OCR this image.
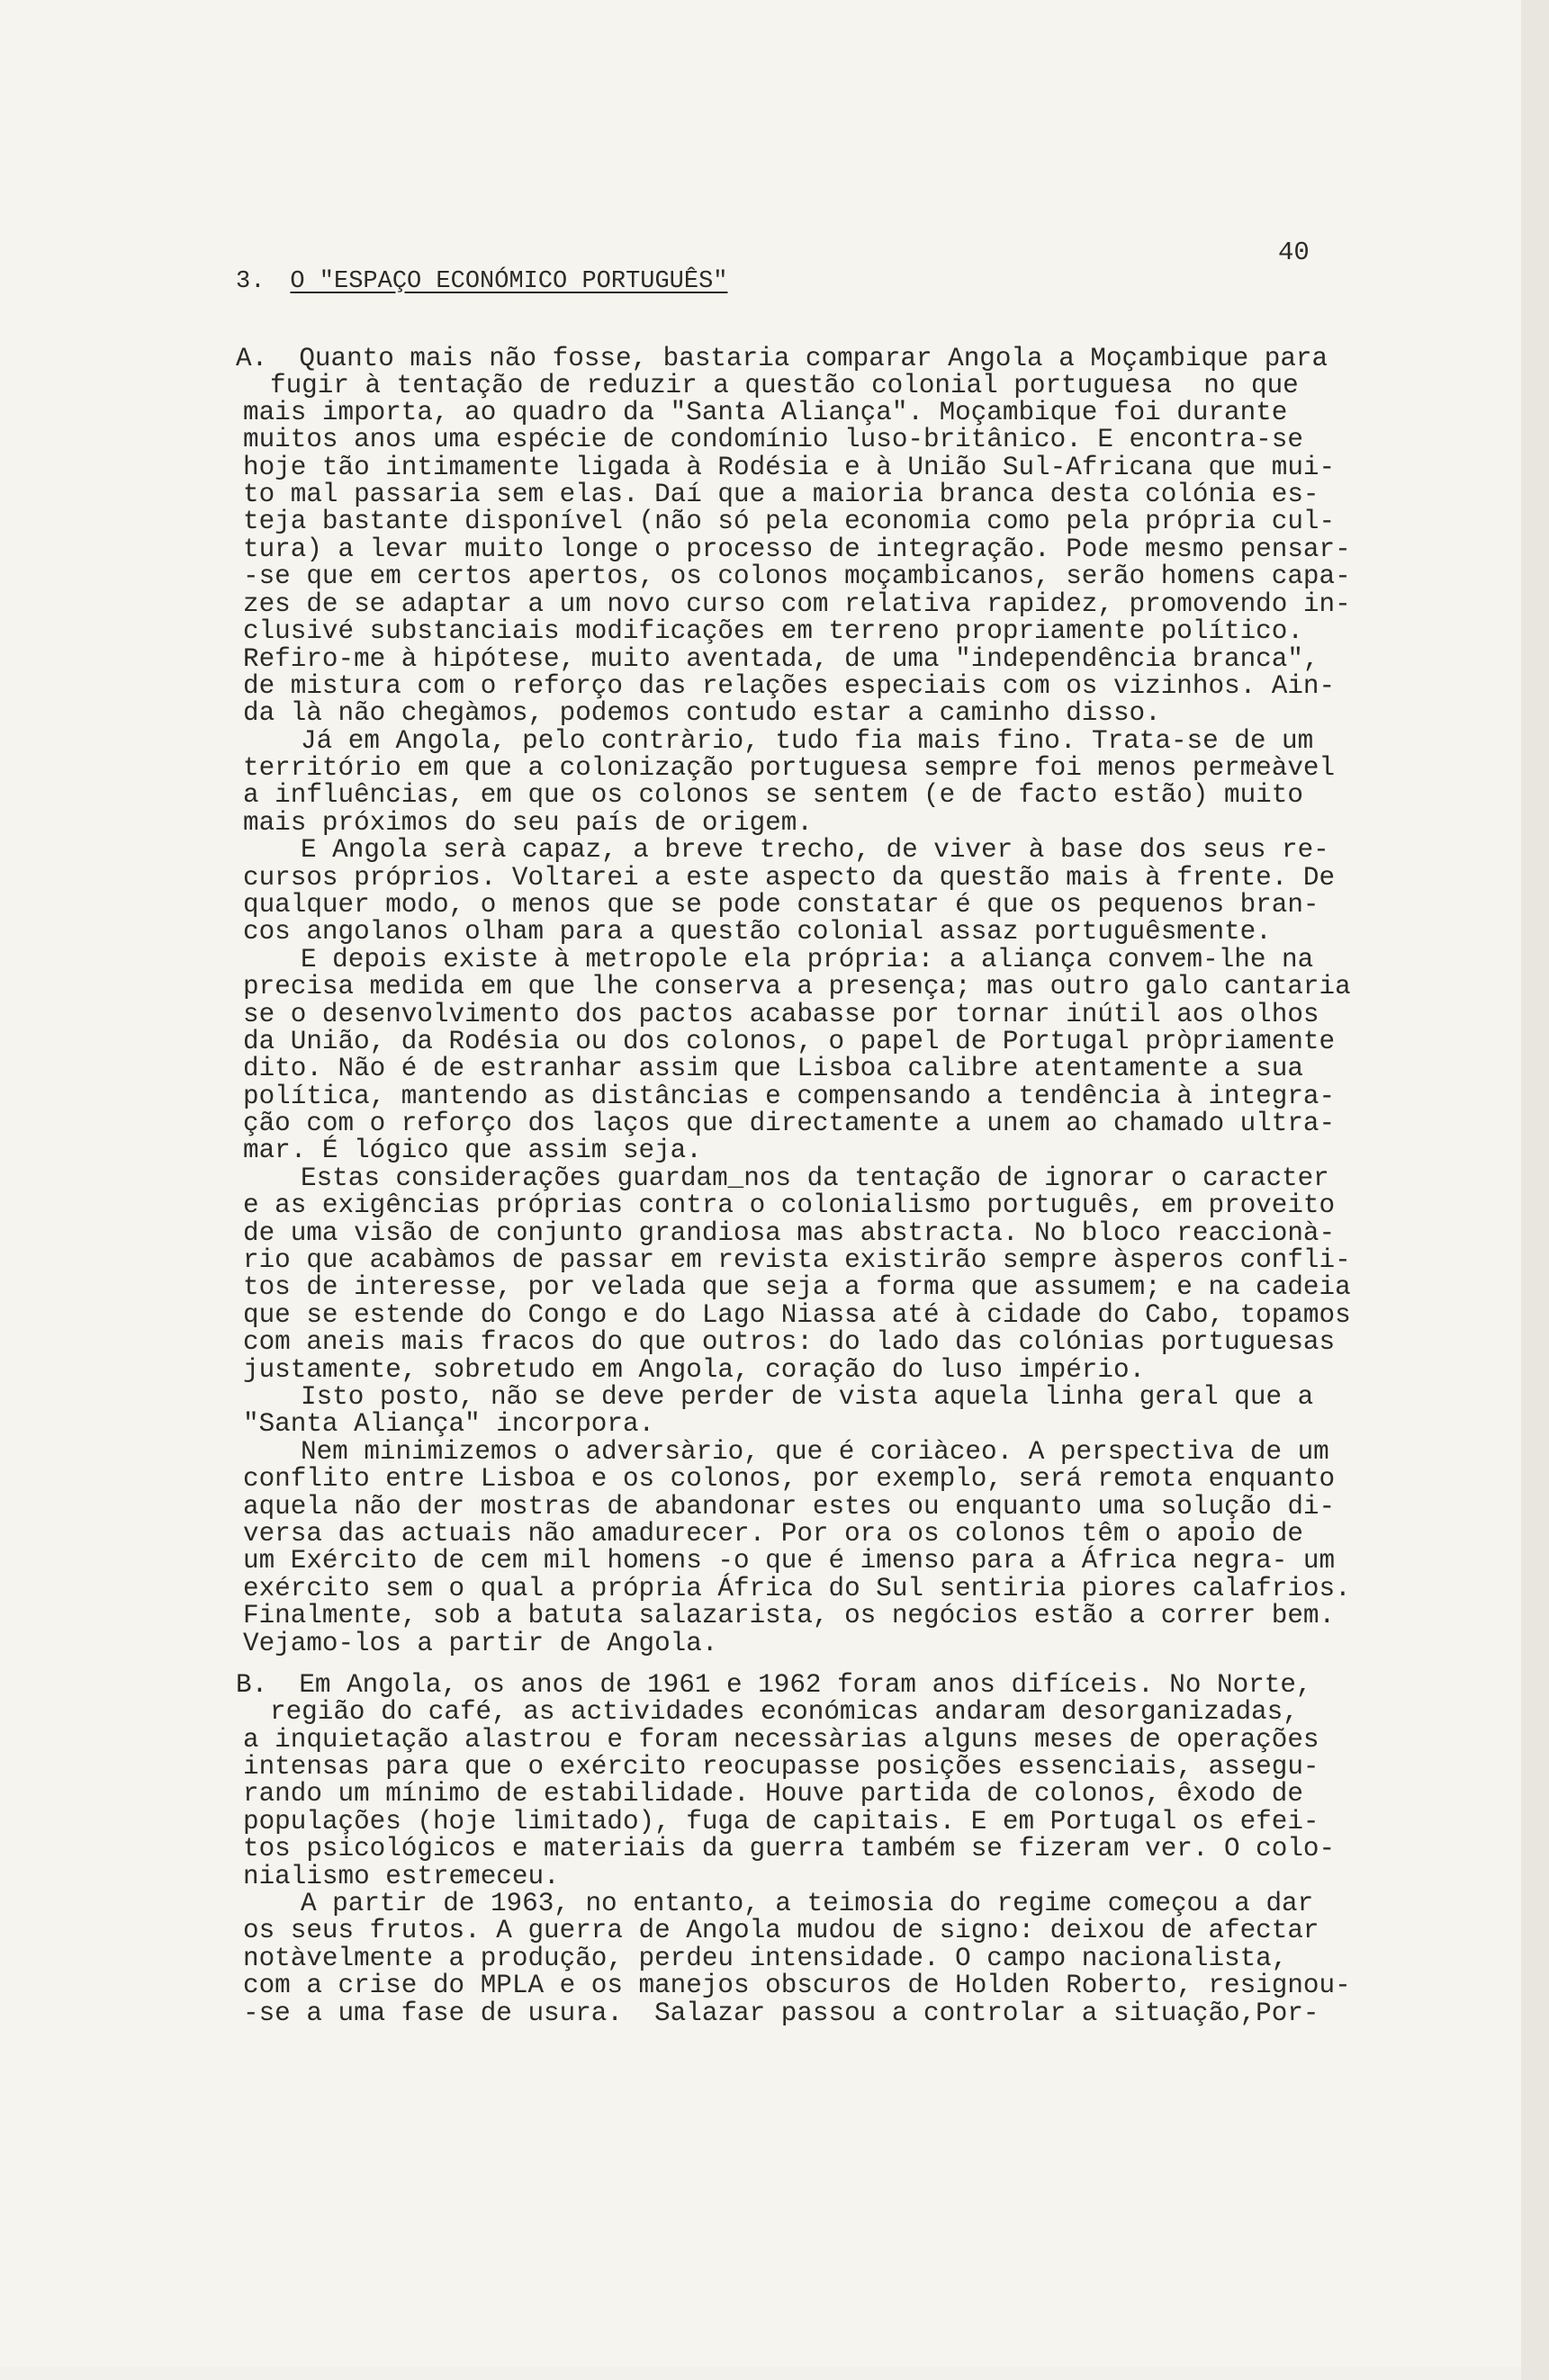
40
3. O "ESPAÇO ECONÓMICO PORTUGUÊS"
A.  Quanto mais não fosse, bastaria comparar Angola a Moçambique para
fugir à tentação de reduzir a questão colonial portuguesa  no que
mais importa, ao quadro da "Santa Aliança". Moçambique foi durante
muitos anos uma espécie de condomínio luso-britânico. E encontra-se
hoje tão intimamente ligada à Rodésia e à União Sul-Africana que mui-
to mal passaria sem elas. Daí que a maioria branca desta colónia es-
teja bastante disponível (não só pela economia como pela própria cul-
tura) a levar muito longe o processo de integração. Pode mesmo pensar-
-se que em certos apertos, os colonos moçambicanos, serão homens capa-
zes de se adaptar a um novo curso com relativa rapidez, promovendo in-
clusivé substanciais modificações em terreno propriamente político.
Refiro-me à hipótese, muito aventada, de uma "independência branca",
de mistura com o reforço das relações especiais com os vizinhos. Ain-
da là não chegàmos, podemos contudo estar a caminho disso.
Já em Angola, pelo contràrio, tudo fia mais fino. Trata-se de um
território em que a colonização portuguesa sempre foi menos permeàvel
a influências, em que os colonos se sentem (e de facto estão) muito
mais próximos do seu país de origem.
E Angola serà capaz, a breve trecho, de viver à base dos seus re-
cursos próprios. Voltarei a este aspecto da questão mais à frente. De
qualquer modo, o menos que se pode constatar é que os pequenos bran-
cos angolanos olham para a questão colonial assaz portuguêsmente.
E depois existe à metropole ela própria: a aliança convem-lhe na
precisa medida em que lhe conserva a presença; mas outro galo cantaria
se o desenvolvimento dos pactos acabasse por tornar inútil aos olhos
da União, da Rodésia ou dos colonos, o papel de Portugal pròpriamente
dito. Não é de estranhar assim que Lisboa calibre atentamente a sua
política, mantendo as distâncias e compensando a tendência à integra-
ção com o reforço dos laços que directamente a unem ao chamado ultra-
mar. É lógico que assim seja.
Estas considerações guardam_nos da tentação de ignorar o caracter
e as exigências próprias contra o colonialismo português, em proveito
de uma visão de conjunto grandiosa mas abstracta. No bloco reaccionà-
rio que acabàmos de passar em revista existirão sempre àsperos confli-
tos de interesse, por velada que seja a forma que assumem; e na cadeia
que se estende do Congo e do Lago Niassa até à cidade do Cabo, topamos
com aneis mais fracos do que outros: do lado das colónias portuguesas
justamente, sobretudo em Angola, coração do luso império.
Isto posto, não se deve perder de vista aquela linha geral que a
"Santa Aliança" incorpora.
Nem minimizemos o adversàrio, que é coriàceo. A perspectiva de um
conflito entre Lisboa e os colonos, por exemplo, será remota enquanto
aquela não der mostras de abandonar estes ou enquanto uma solução di-
versa das actuais não amadurecer. Por ora os colonos têm o apoio de
um Exército de cem mil homens -o que é imenso para a África negra- um
exército sem o qual a própria África do Sul sentiria piores calafrios.
Finalmente, sob a batuta salazarista, os negócios estão a correr bem.
Vejamo-los a partir de Angola.
B.  Em Angola, os anos de 1961 e 1962 foram anos difíceis. No Norte,
região do café, as actividades económicas andaram desorganizadas,
a inquietação alastrou e foram necessàrias alguns meses de operações
intensas para que o exército reocupasse posições essenciais, assegu-
rando um mínimo de estabilidade. Houve partida de colonos, êxodo de
populações (hoje limitado), fuga de capitais. E em Portugal os efei-
tos psicológicos e materiais da guerra também se fizeram ver. O colo-
nialismo estremeceu.
A partir de 1963, no entanto, a teimosia do regime começou a dar
os seus frutos. A guerra de Angola mudou de signo: deixou de afectar
notàvelmente a produção, perdeu intensidade. O campo nacionalista,
com a crise do MPLA e os manejos obscuros de Holden Roberto, resignou-
-se a uma fase de usura.  Salazar passou a controlar a situação,Por-
